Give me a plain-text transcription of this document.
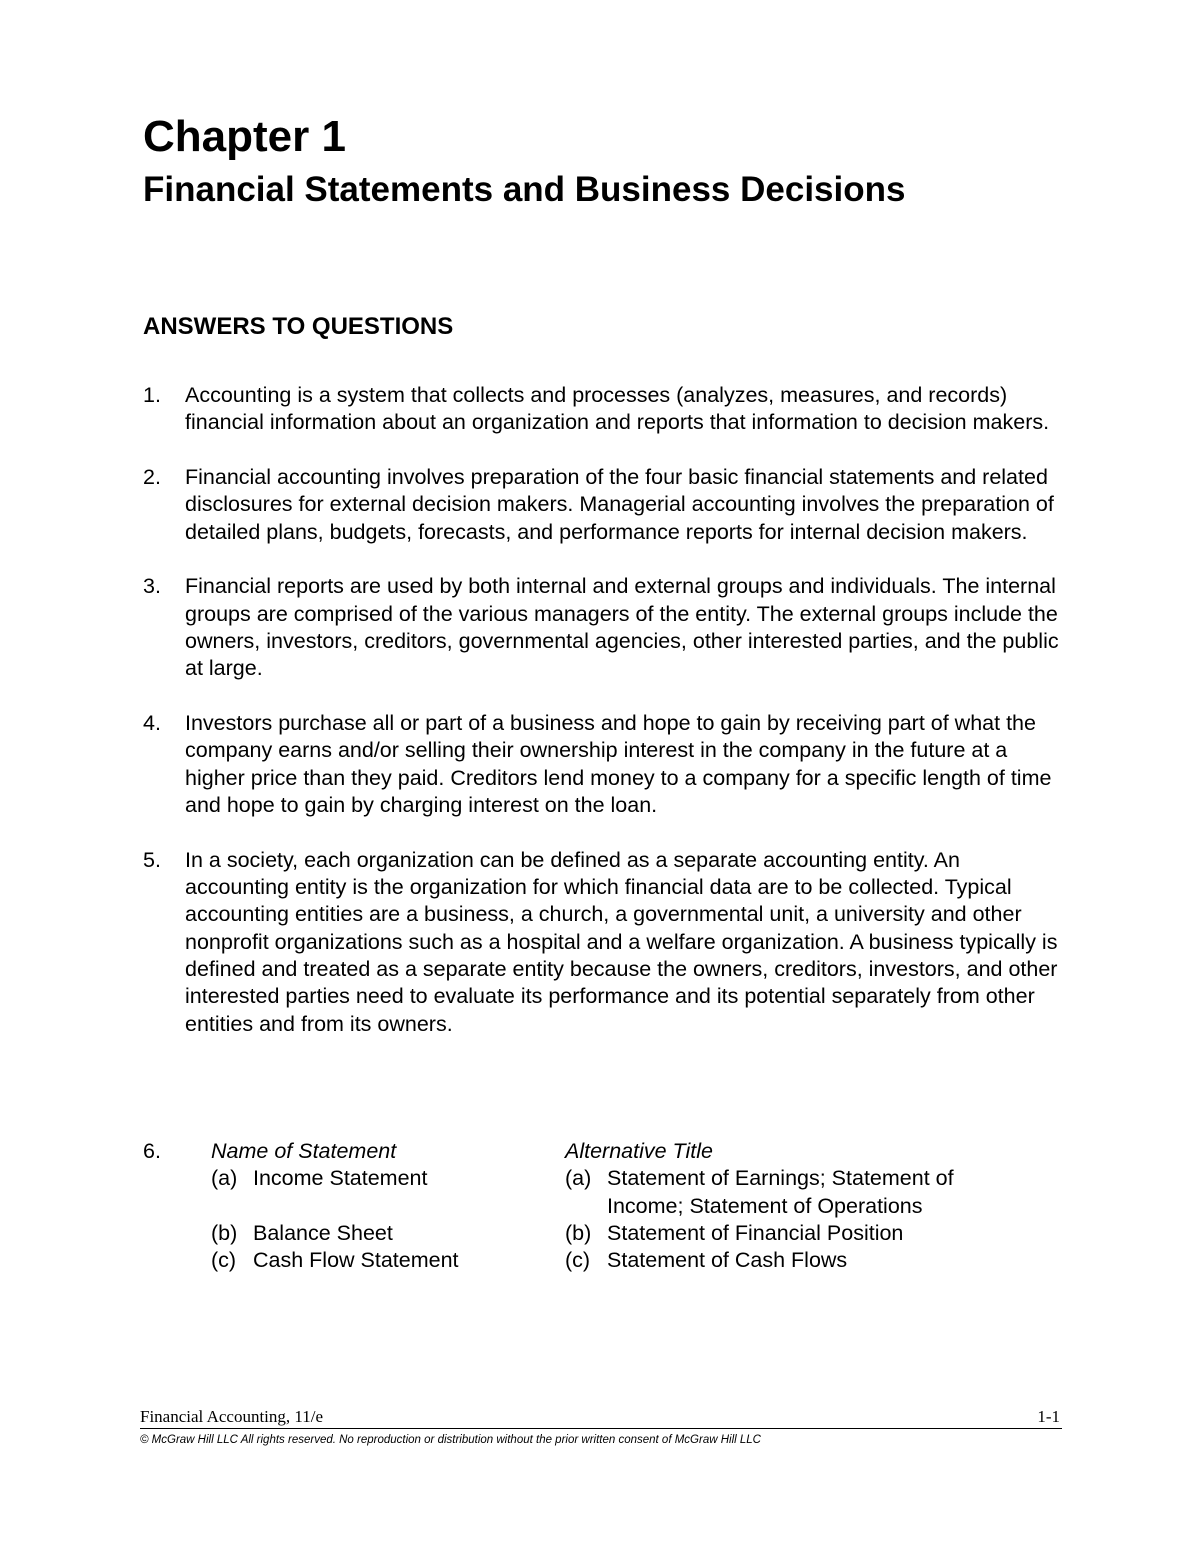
Chapter 1
Financial Statements and Business Decisions
ANSWERS TO QUESTIONS
1. Accounting is a system that collects and processes (analyzes, measures, and records) financial information about an organization and reports that information to decision makers.
2. Financial accounting involves preparation of the four basic financial statements and related disclosures for external decision makers. Managerial accounting involves the preparation of detailed plans, budgets, forecasts, and performance reports for internal decision makers.
3. Financial reports are used by both internal and external groups and individuals. The internal groups are comprised of the various managers of the entity. The external groups include the owners, investors, creditors, governmental agencies, other interested parties, and the public at large.
4. Investors purchase all or part of a business and hope to gain by receiving part of what the company earns and/or selling their ownership interest in the company in the future at a higher price than they paid. Creditors lend money to a company for a specific length of time and hope to gain by charging interest on the loan.
5. In a society, each organization can be defined as a separate accounting entity. An accounting entity is the organization for which financial data are to be collected. Typical accounting entities are a business, a church, a governmental unit, a university and other nonprofit organizations such as a hospital and a welfare organization. A business typically is defined and treated as a separate entity because the owners, creditors, investors, and other interested parties need to evaluate its performance and its potential separately from other entities and from its owners.
6. Name of Statement
(a) Income Statement
(b) Balance Sheet
(c) Cash Flow Statement
Alternative Title
(a) Statement of Earnings; Statement of Income; Statement of Operations
(b) Statement of Financial Position
(c) Statement of Cash Flows
Financial Accounting, 11/e	1-1
© McGraw Hill LLC All rights reserved. No reproduction or distribution without the prior written consent of McGraw Hill LLC
